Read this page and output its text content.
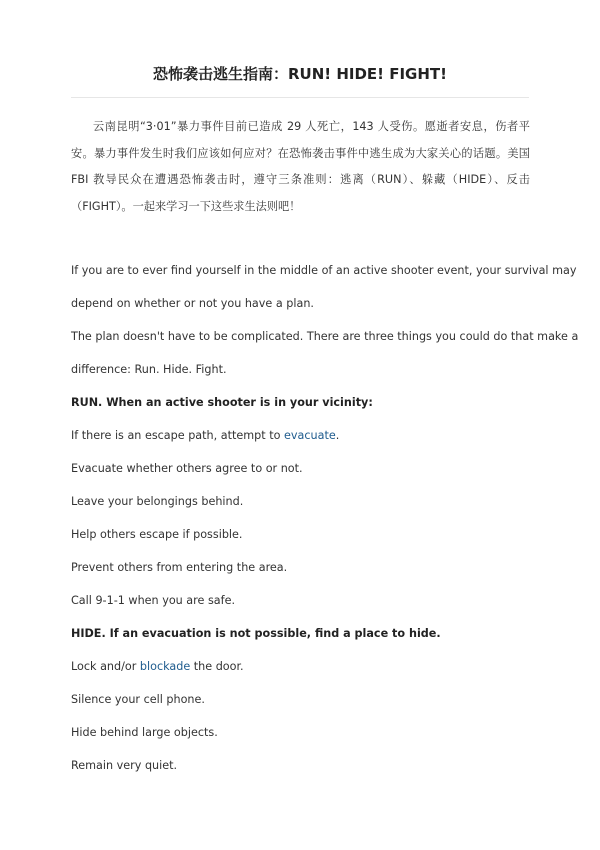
恐怖袭击逃生指南：RUN! HIDE! FIGHT!

云南昆明“3·01”暴力事件目前已造成 29 人死亡，143 人受伤。愿逝者安息，伤者平安。暴力事件发生时我们应该如何应对？在恐怖袭击事件中逃生成为大家关心的话题。美国 FBI 教导民众在遭遇恐怖袭击时，遵守三条准则：逃离（RUN）、躲藏（HIDE）、反击（FIGHT）。一起来学习一下这些求生法则吧！

If you are to ever find yourself in the middle of an active shooter event, your survival may

depend on whether or not you have a plan.

The plan doesn't have to be complicated. There are three things you could do that make a

difference: Run. Hide. Fight.

RUN. When an active shooter is in your vicinity:

If there is an escape path, attempt to evacuate.

Evacuate whether others agree to or not.

Leave your belongings behind.

Help others escape if possible.

Prevent others from entering the area.

Call 9-1-1 when you are safe.

HIDE. If an evacuation is not possible, find a place to hide.

Lock and/or blockade the door.

Silence your cell phone.

Hide behind large objects.

Remain very quiet.
